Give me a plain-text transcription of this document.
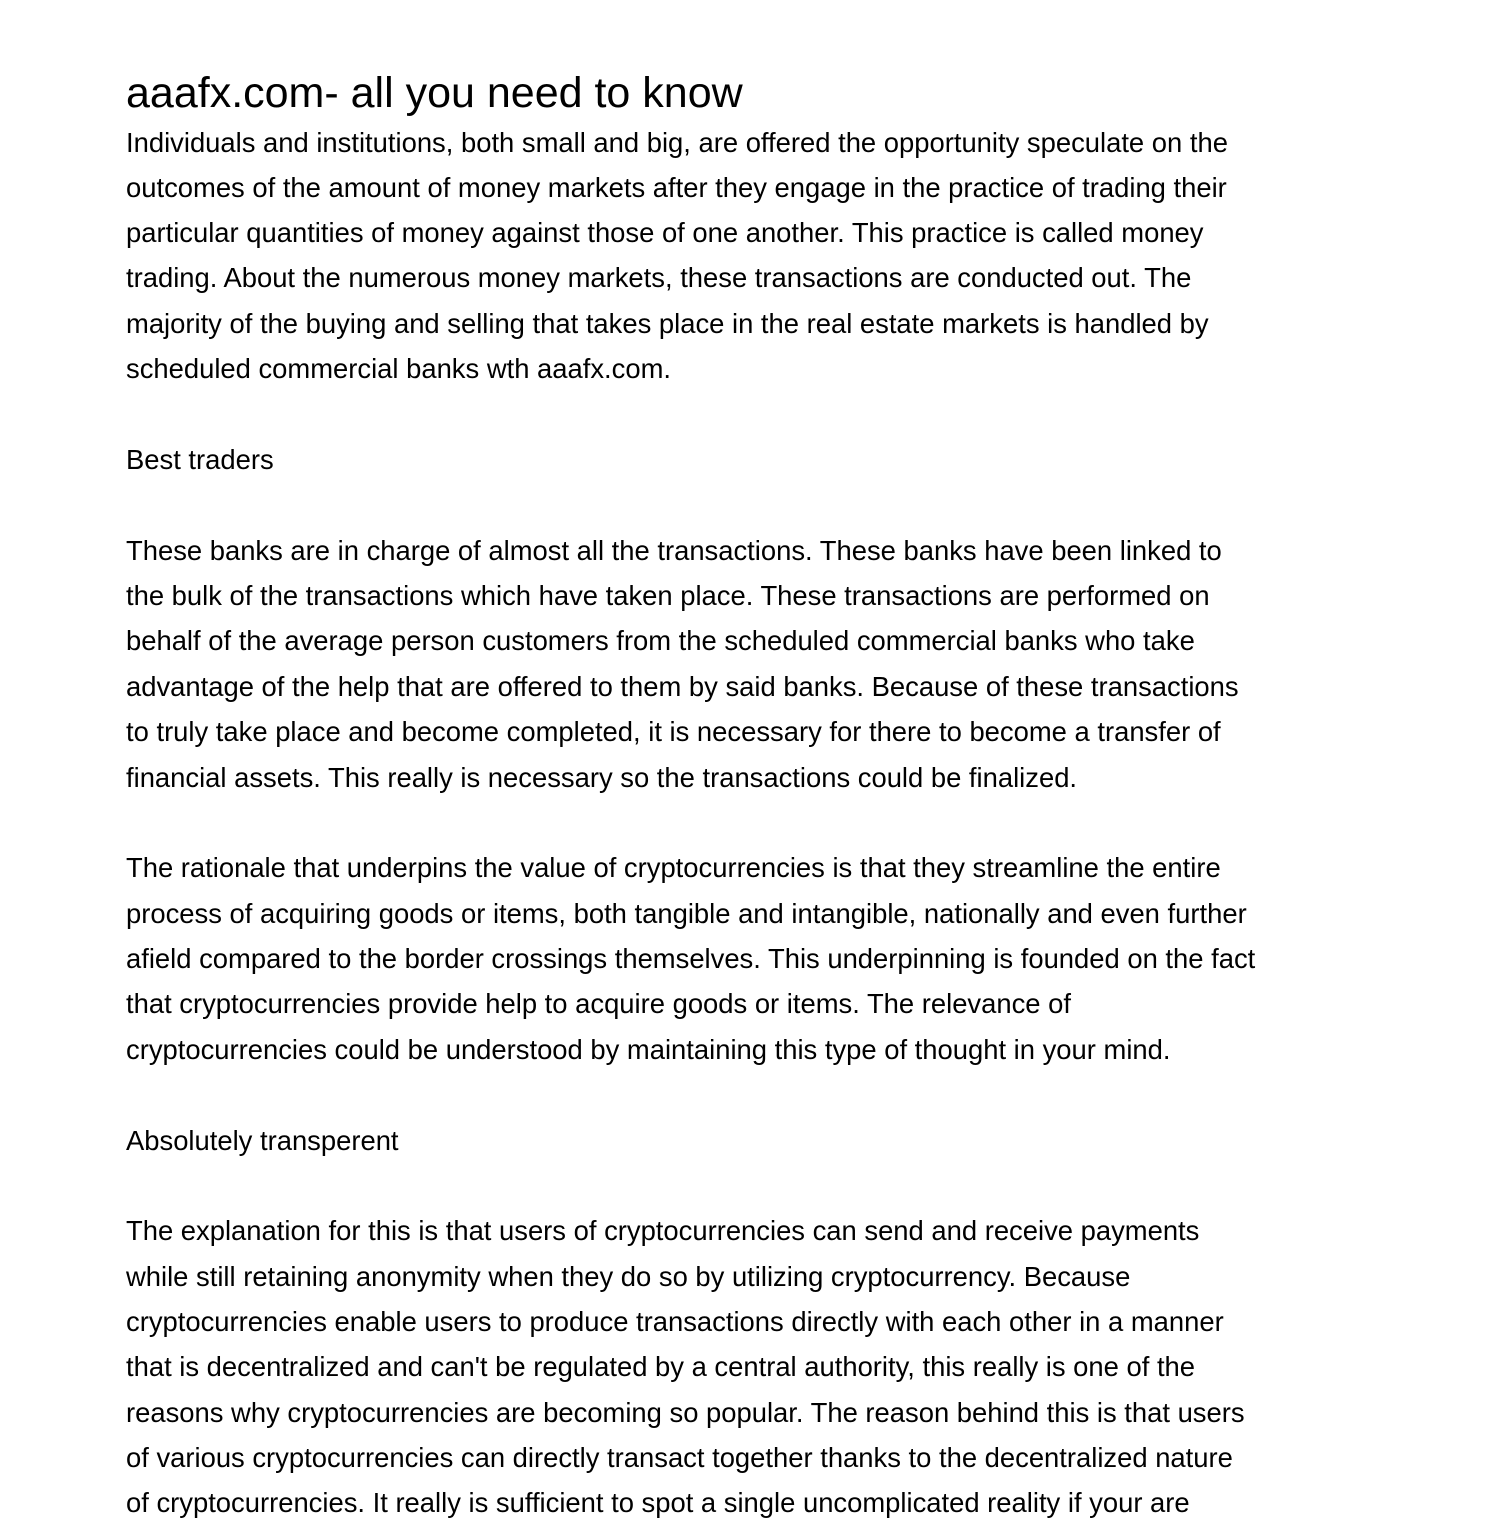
aaafx.com- all you need to know

Individuals and institutions, both small and big, are offered the opportunity speculate on the

outcomes of the amount of money markets after they engage in the practice of trading their

particular quantities of money against those of one another. This practice is called money

trading. About the numerous money markets, these transactions are conducted out. The

majority of the buying and selling that takes place in the real estate markets is handled by

scheduled commercial banks wth aaafx.com.

Best traders

These banks are in charge of almost all the transactions. These banks have been linked to

the bulk of the transactions which have taken place. These transactions are performed on

behalf of the average person customers from the scheduled commercial banks who take

advantage of the help that are offered to them by said banks. Because of these transactions

to truly take place and become completed, it is necessary for there to become a transfer of

financial assets. This really is necessary so the transactions could be finalized.

The rationale that underpins the value of cryptocurrencies is that they streamline the entire

process of acquiring goods or items, both tangible and intangible, nationally and even further

afield compared to the border crossings themselves. This underpinning is founded on the fact

that cryptocurrencies provide help to acquire goods or items. The relevance of

cryptocurrencies could be understood by maintaining this type of thought in your mind.

Absolutely transperent

The explanation for this is that users of cryptocurrencies can send and receive payments

while still retaining anonymity when they do so by utilizing cryptocurrency. Because

cryptocurrencies enable users to produce transactions directly with each other in a manner

that is decentralized and can't be regulated by a central authority, this really is one of the

reasons why cryptocurrencies are becoming so popular. The reason behind this is that users

of various cryptocurrencies can directly transact together thanks to the decentralized nature

of cryptocurrencies. It really is sufficient to spot a single uncomplicated reality if your are
